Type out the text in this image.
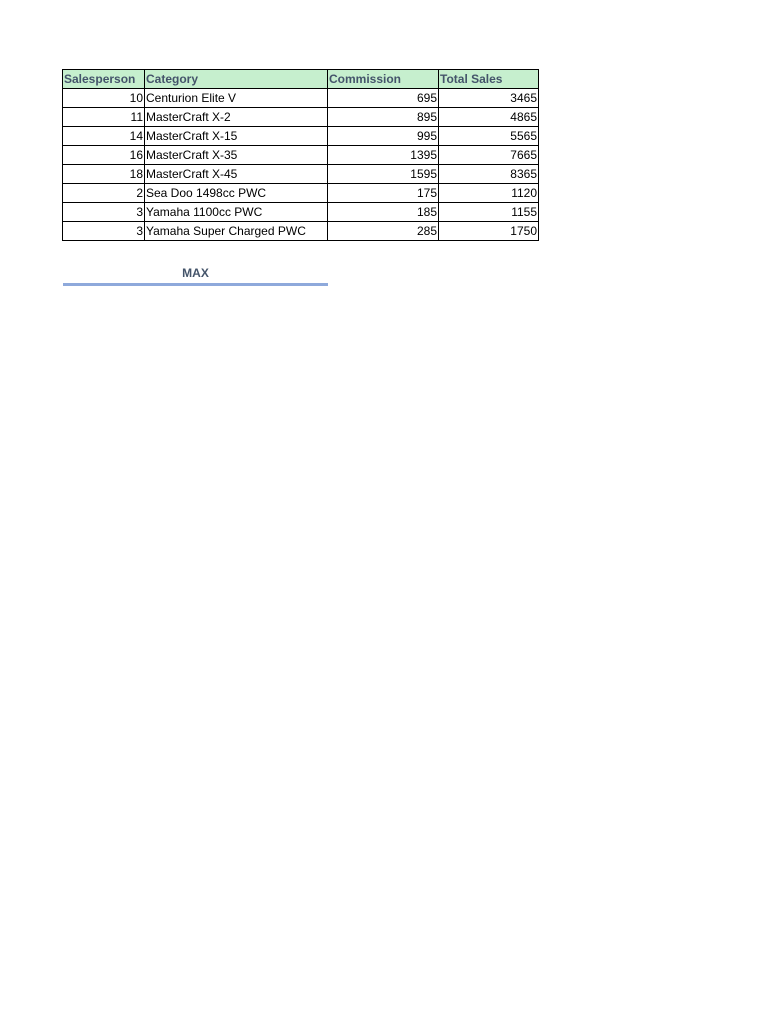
Salesperson	Category	Commission	Total Sales
10	Centurion Elite V	695	3465
11	MasterCraft X-2	895	4865
14	MasterCraft X-15	995	5565
16	MasterCraft X-35	1395	7665
18	MasterCraft X-45	1595	8365
2	Sea Doo 1498cc PWC	175	1120
3	Yamaha 1100cc PWC	185	1155
3	Yamaha Super Charged PWC	285	1750
MAX
